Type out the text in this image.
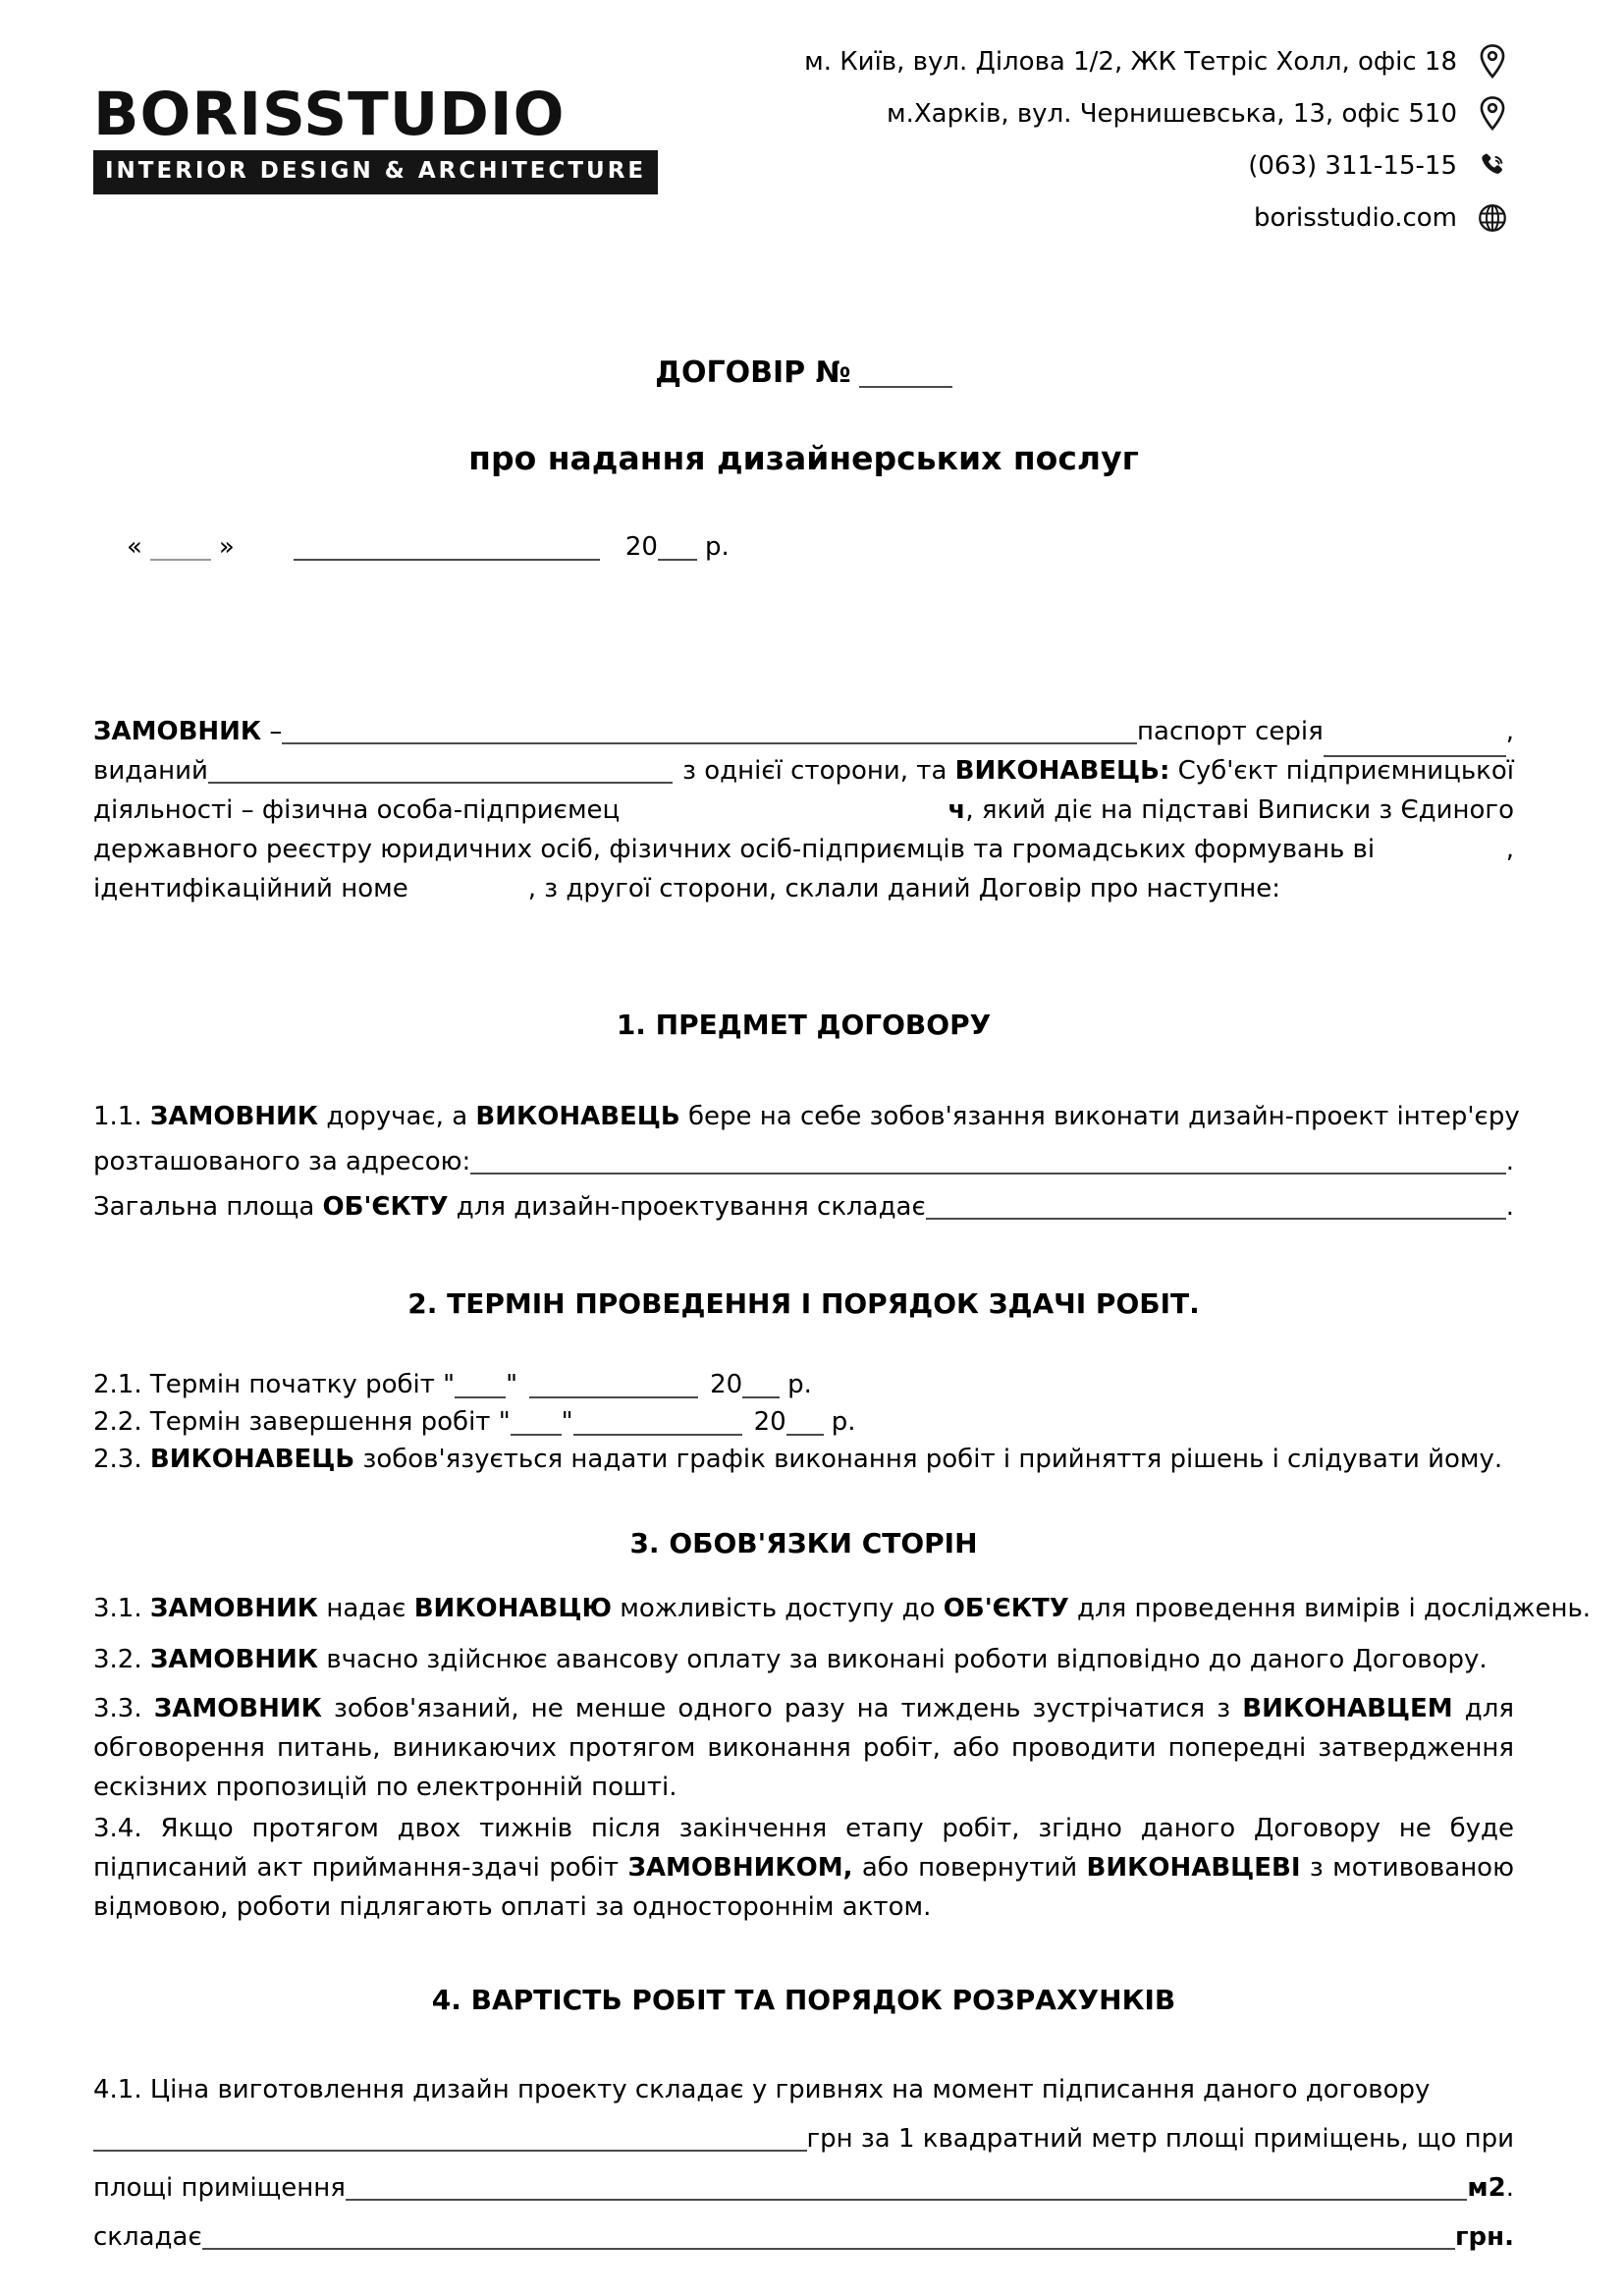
BORISSTUDIO
INTERIOR DESIGN & ARCHITECTURE
м. Київ, вул. Ділова 1/2, ЖК Тетріс Холл, офіс 18
м.Харків, вул. Чернишевська, 13, офіс 510
(063) 311-15-15
borisstudio.com
ДОГОВІР №
про надання дизайнерських послуг
«	»	20 р.
ЗАМОВНИК –	паспорт серія	,
виданий	з однієї сторони, та ВИКОНАВЕЦЬ: Суб'єкт підприємницької
діяльності – фізична особа-підприємец	ч, який діє на підставі Виписки з Єдиного
державного реєстру юридичних осіб, фізичних осіб-підприємців та громадських формувань ві	,
ідентифікаційний номе	, з другої сторони, склали даний Договір про наступне:
1. ПРЕДМЕТ ДОГОВОРУ
1.1. ЗАМОВНИК доручає, а ВИКОНАВЕЦЬ бере на себе зобов'язання виконати дизайн-проект інтер'єру
розташованого за адресою:	.
Загальна площа ОБ'ЄКТУ для дизайн-проектування складає	.
2. ТЕРМІН ПРОВЕДЕННЯ І ПОРЯДОК ЗДАЧІ РОБІТ.
2.1. Термін початку робіт " "	20 р.
2.2. Термін завершення робіт " "	20 р.
2.3. ВИКОНАВЕЦЬ зобов'язується надати графік виконання робіт і прийняття рішень і слідувати йому.
3. ОБОВ'ЯЗКИ СТОРІН
3.1. ЗАМОВНИК надає ВИКОНАВЦЮ можливість доступу до ОБ'ЄКТУ для проведення вимірів і досліджень.
3.2. ЗАМОВНИК вчасно здійснює авансову оплату за виконані роботи відповідно до даного Договору.
3.3. ЗАМОВНИК зобов'язаний, не менше одного разу на тиждень зустрічатися з ВИКОНАВЦЕМ для обговорення питань, виникаючих протягом виконання робіт, або проводити попередні затвердження ескізних пропозицій по електронній пошті.
3.4. Якщо протягом двох тижнів після закінчення етапу робіт, згідно даного Договору не буде підписаний акт приймання-здачі робіт ЗАМОВНИКОМ, або повернутий ВИКОНАВЦЕВІ з мотивованою відмовою, роботи підлягають оплаті за одностороннім актом.
4. ВАРТІСТЬ РОБІТ ТА ПОРЯДОК РОЗРАХУНКІВ
4.1. Ціна виготовлення дизайн проекту складає у гривнях на момент підписання даного договору
грн за 1 квадратний метр площі приміщень, що при
площі приміщення	м2 .
складає	грн.
